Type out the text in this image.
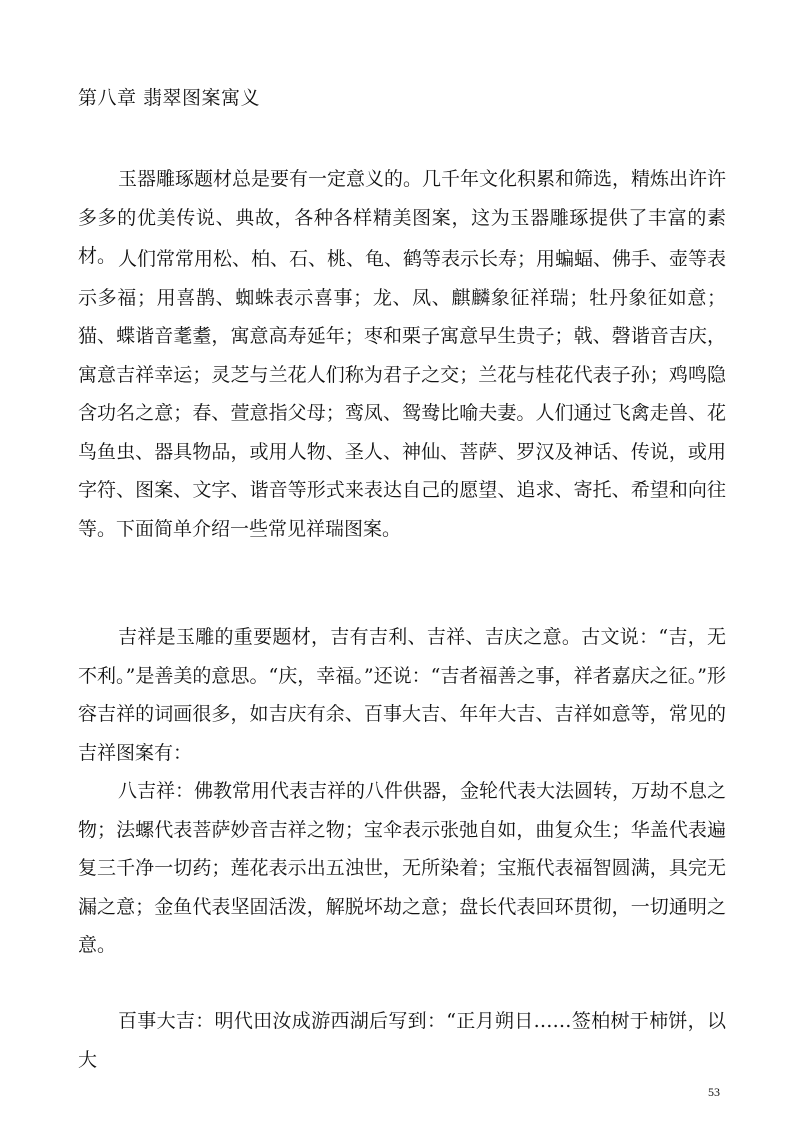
第八章 翡翠图案寓义

玉器雕琢题材总是要有一定意义的。几千年文化积累和筛选，精炼出许许多多的优美传说、典故，各种各样精美图案，这为玉器雕琢提供了丰富的素材。 人们常常用松、柏、石、桃、龟、鹤等表示长寿；用蝙蝠、佛手、壶等表示多福；用喜鹊、蜘蛛表示喜事；龙、凤、麒麟象征祥瑞；牡丹象征如意；猫、蝶谐音耄耋，寓意高寿延年；枣和栗子寓意早生贵子；戟、磬谐音吉庆，寓意吉祥幸运；灵芝与兰花人们称为君子之交；兰花与桂花代表子孙；鸡鸣隐含功名之意；春、萱意指父母；鸾凤、鸳鸯比喻夫妻。人们通过飞禽走兽、花鸟鱼虫、器具物品，或用人物、圣人、神仙、菩萨、罗汉及神话、传说，或用字符、图案、文字、谐音等形式来表达自己的愿望、追求、寄托、希望和向往等。下面简单介绍一些常见祥瑞图案。

吉祥是玉雕的重要题材，吉有吉利、吉祥、吉庆之意。古文说：“吉，无不利。”是善美的意思。“庆，幸福。”还说：“吉者福善之事，祥者嘉庆之征。”形容吉祥的词画很多，如吉庆有余、百事大吉、年年大吉、吉祥如意等，常见的吉祥图案有：

八吉祥：佛教常用代表吉祥的八件供器，金轮代表大法圆转，万劫不息之物；法螺代表菩萨妙音吉祥之物；宝伞表示张弛自如，曲复众生；华盖代表遍复三千净一切药；莲花表示出五浊世，无所染着；宝瓶代表福智圆满，具完无漏之意；金鱼代表坚固活泼，解脱坏劫之意；盘长代表回环贯彻，一切通明之意。

百事大吉：明代田汝成游西湖后写到：“正月朔日……签柏树于柿饼，以大

53
